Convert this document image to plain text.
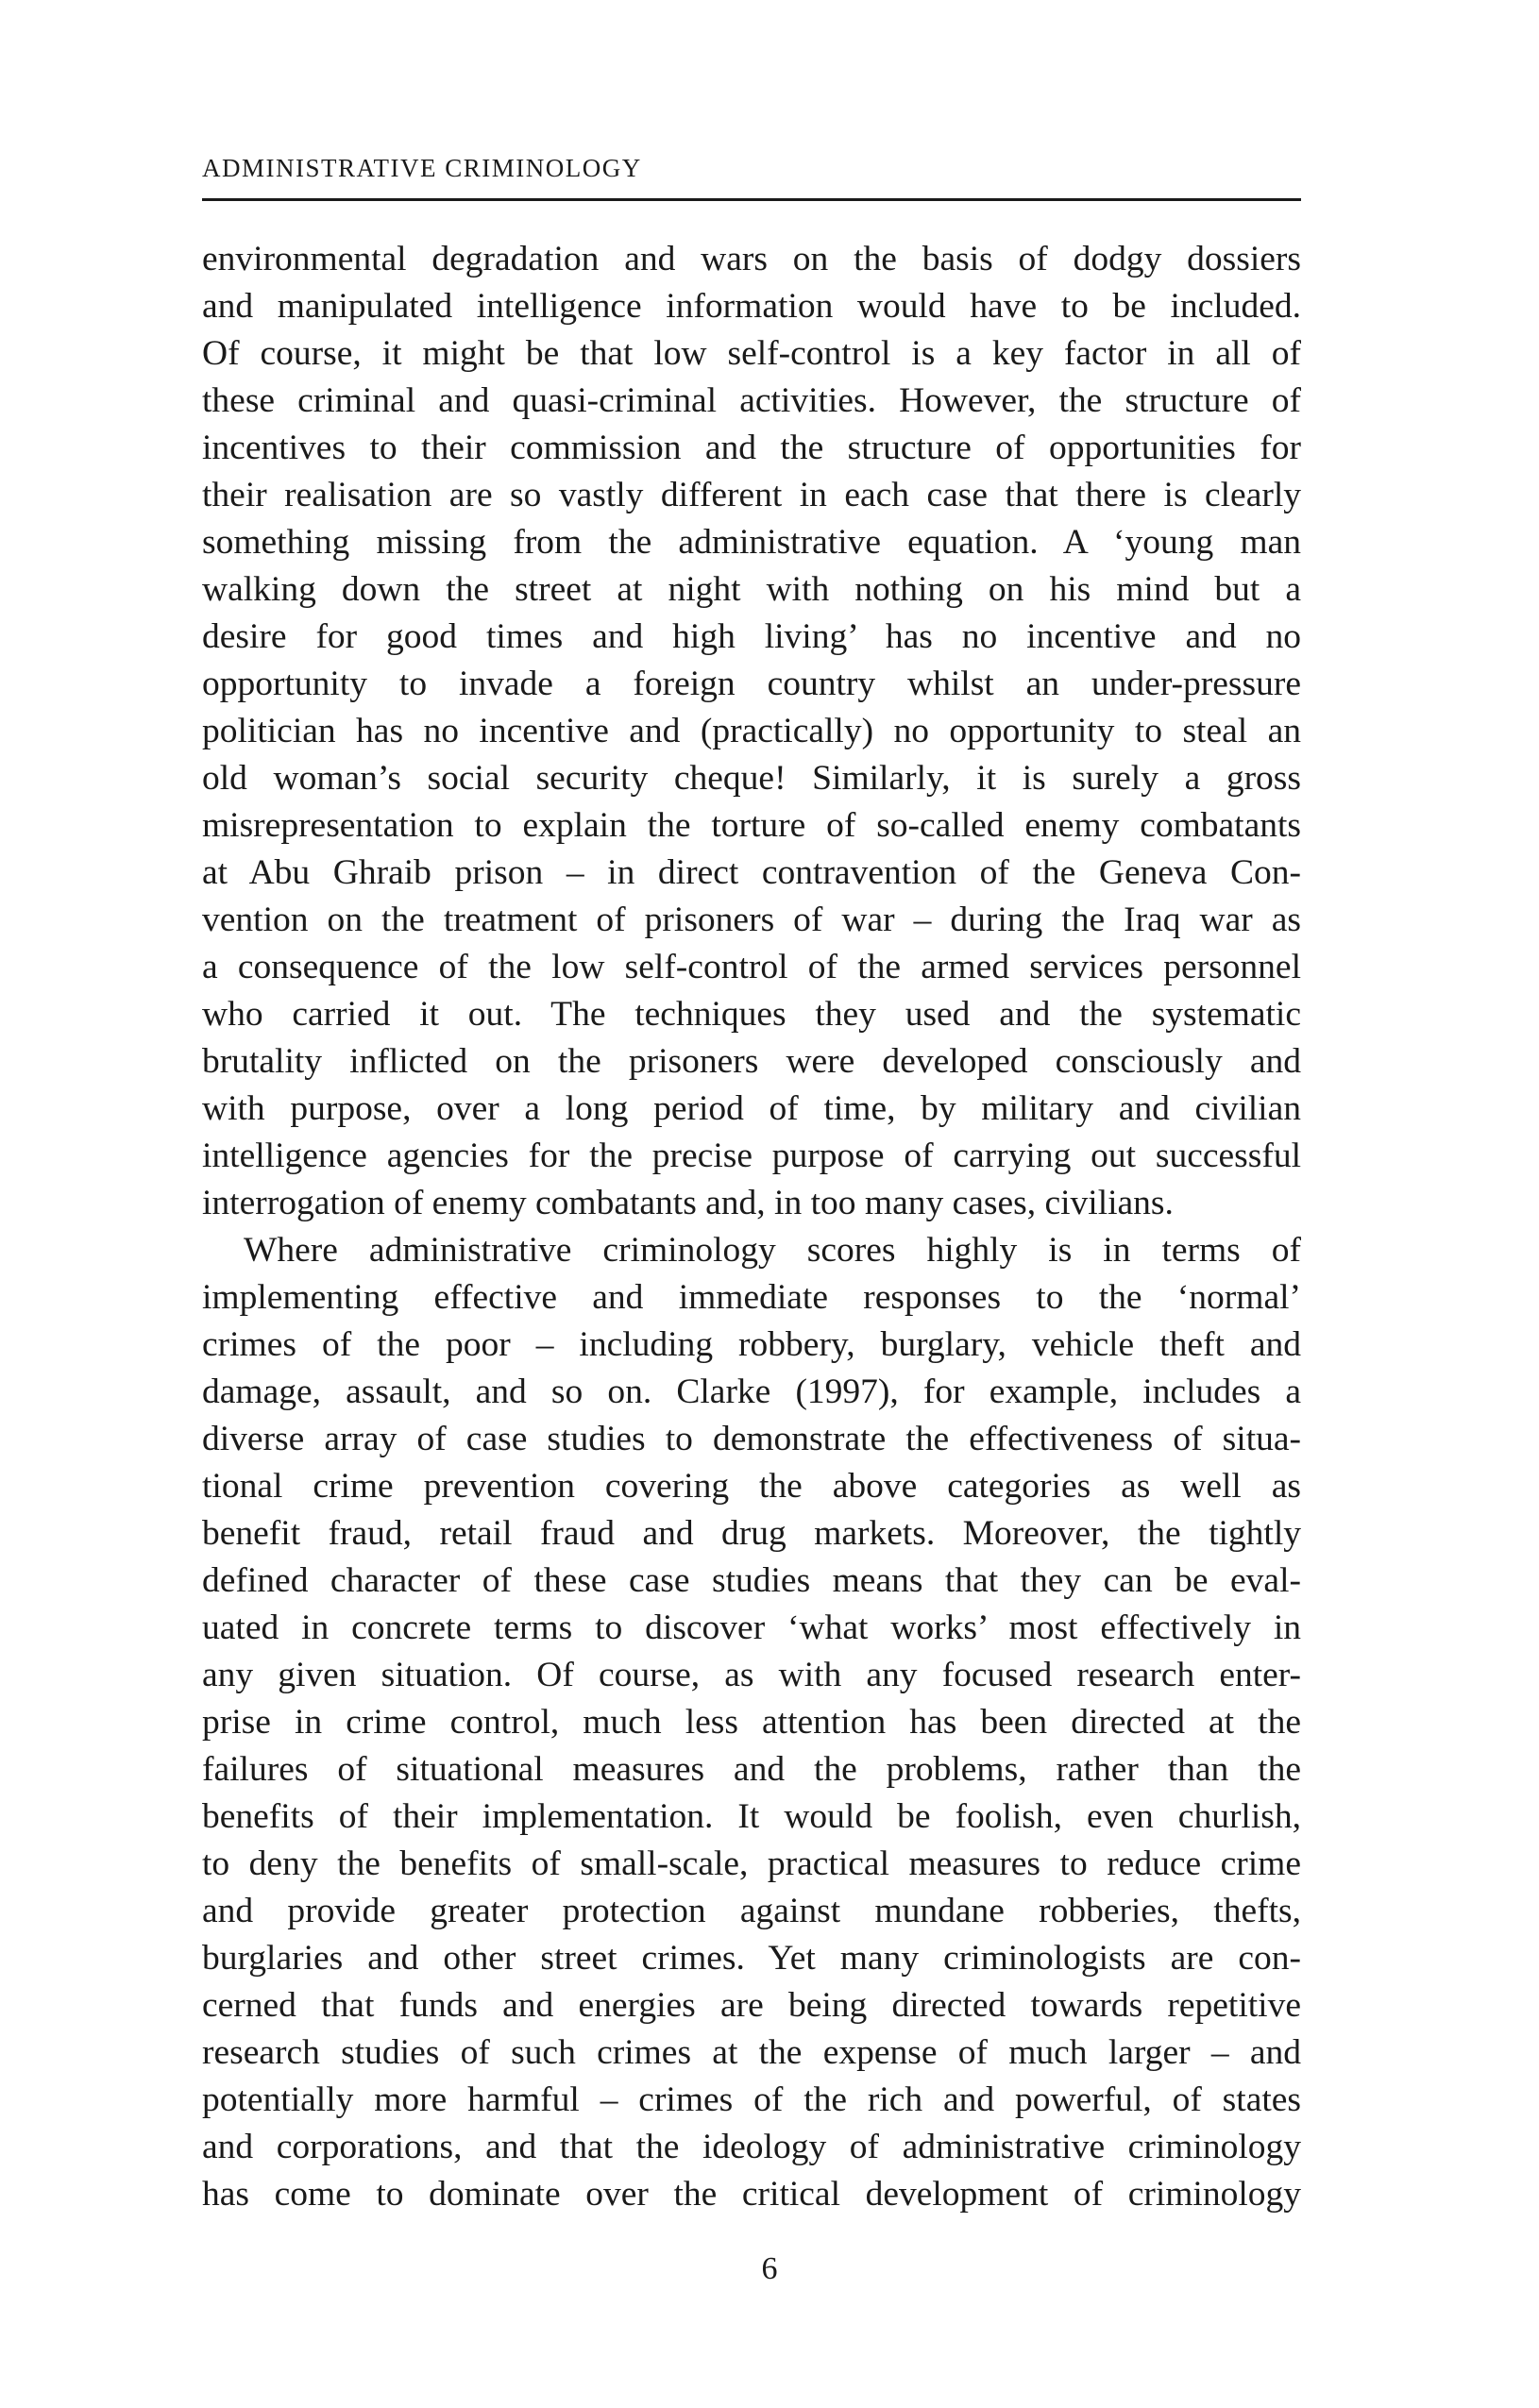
ADMINISTRATIVE CRIMINOLOGY
environmental degradation and wars on the basis of dodgy dossiers
and manipulated intelligence information would have to be included.
Of course, it might be that low self-control is a key factor in all of
these criminal and quasi-criminal activities. However, the structure of
incentives to their commission and the structure of opportunities for
their realisation are so vastly different in each case that there is clearly
something missing from the administrative equation. A ‘young man
walking down the street at night with nothing on his mind but a
desire for good times and high living’ has no incentive and no
opportunity to invade a foreign country whilst an under-pressure
politician has no incentive and (practically) no opportunity to steal an
old woman’s social security cheque! Similarly, it is surely a gross
misrepresentation to explain the torture of so-called enemy combatants
at Abu Ghraib prison – in direct contravention of the Geneva Con-
vention on the treatment of prisoners of war – during the Iraq war as
a consequence of the low self-control of the armed services personnel
who carried it out. The techniques they used and the systematic
brutality inflicted on the prisoners were developed consciously and
with purpose, over a long period of time, by military and civilian
intelligence agencies for the precise purpose of carrying out successful
interrogation of enemy combatants and, in too many cases, civilians.
Where administrative criminology scores highly is in terms of
implementing effective and immediate responses to the ‘normal’
crimes of the poor – including robbery, burglary, vehicle theft and
damage, assault, and so on. Clarke (1997), for example, includes a
diverse array of case studies to demonstrate the effectiveness of situa-
tional crime prevention covering the above categories as well as
benefit fraud, retail fraud and drug markets. Moreover, the tightly
defined character of these case studies means that they can be eval-
uated in concrete terms to discover ‘what works’ most effectively in
any given situation. Of course, as with any focused research enter-
prise in crime control, much less attention has been directed at the
failures of situational measures and the problems, rather than the
benefits of their implementation. It would be foolish, even churlish,
to deny the benefits of small-scale, practical measures to reduce crime
and provide greater protection against mundane robberies, thefts,
burglaries and other street crimes. Yet many criminologists are con-
cerned that funds and energies are being directed towards repetitive
research studies of such crimes at the expense of much larger – and
potentially more harmful – crimes of the rich and powerful, of states
and corporations, and that the ideology of administrative criminology
has come to dominate over the critical development of criminology
6
